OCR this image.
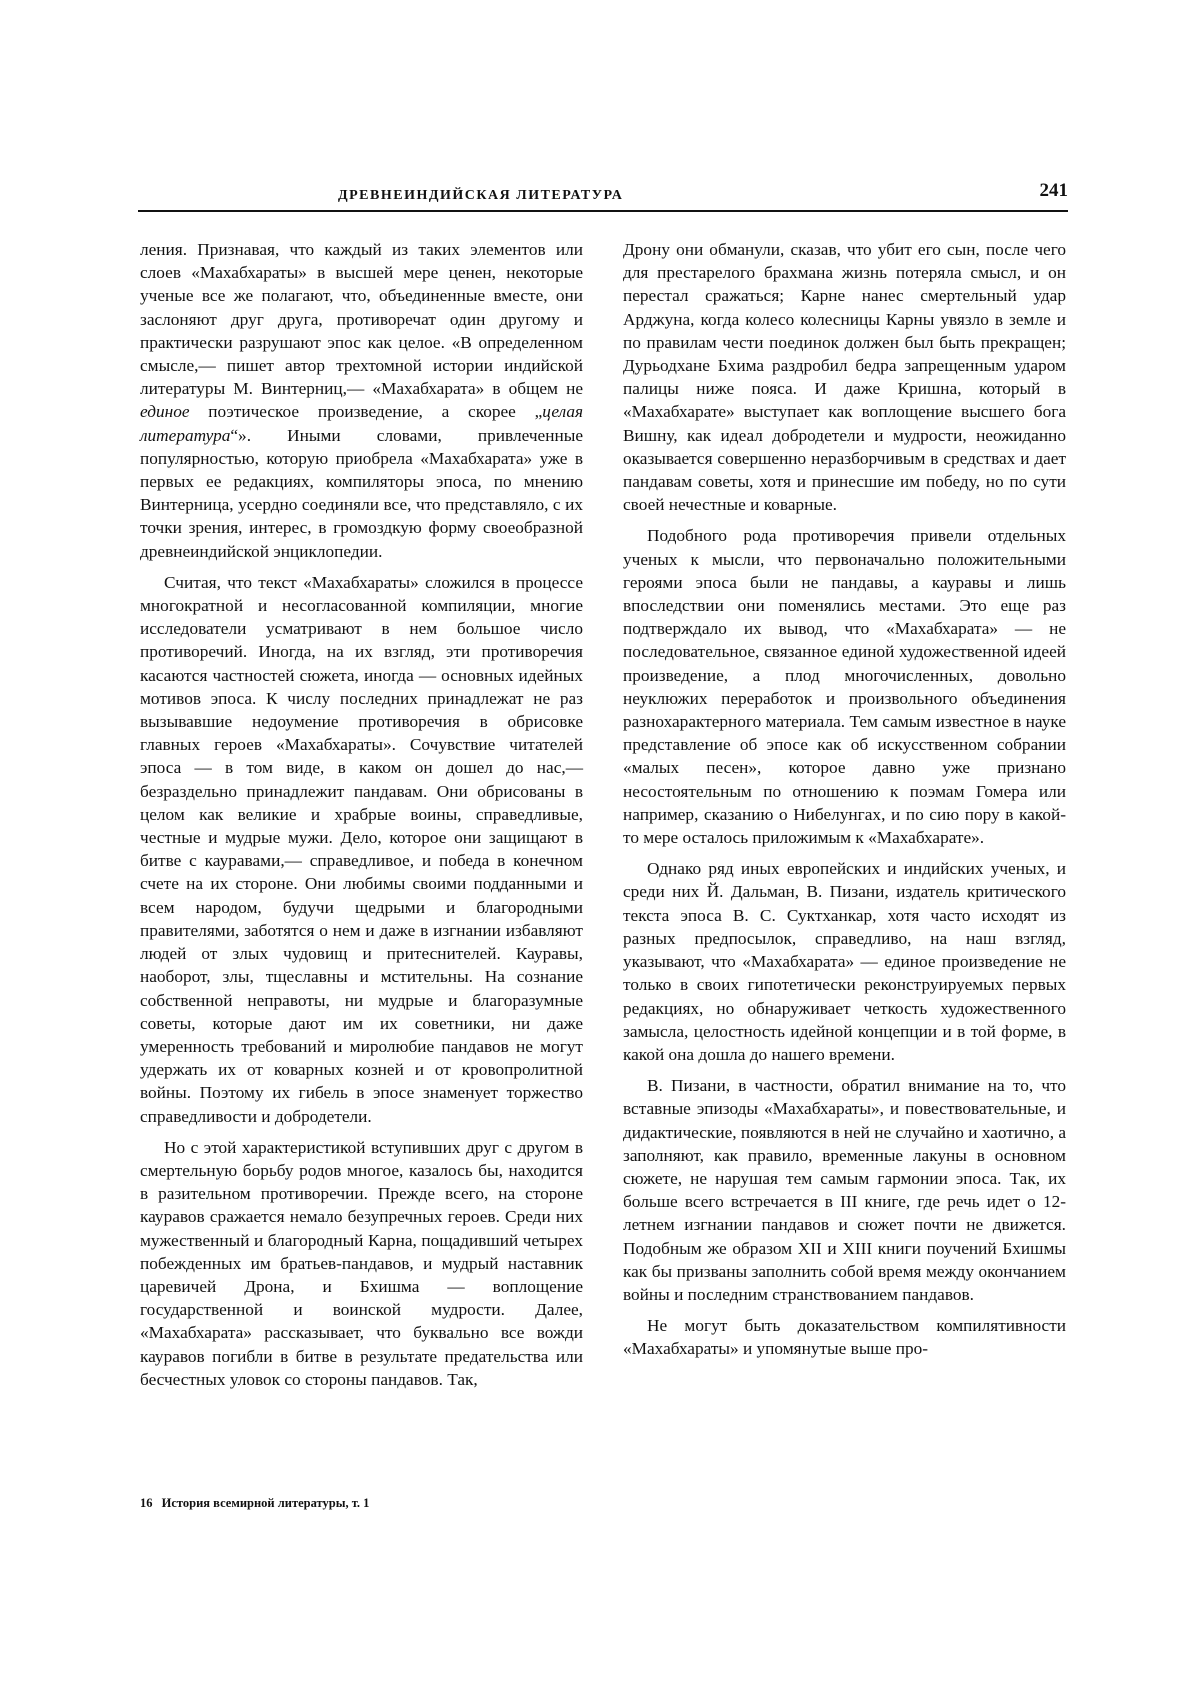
ДРЕВНЕИНДИЙСКАЯ ЛИТЕРАТУРА	241

ления. Признавая, что каждый из таких элементов или слоев «Махабхараты» в высшей мере ценен, некоторые ученые все же полагают, что, объединенные вместе, они заслоняют друг друга, противоречат один другому и практически разрушают эпос как целое. «В определенном смысле,— пишет автор трехтомной истории индийской литературы М. Винтерниц,— «Махабхарата» в общем не единое поэтическое произведение, а скорее „целая литература“». Иными словами, привлеченные популярностью, которую приобрела «Махабхарата» уже в первых ее редакциях, компиляторы эпоса, по мнению Винтерница, усердно соединяли все, что представляло, с их точки зрения, интерес, в громоздкую форму своеобразной древнеиндийской энциклопедии.

Считая, что текст «Махабхараты» сложился в процессе многократной и несогласованной компиляции, многие исследователи усматривают в нем большое число противоречий. Иногда, на их взгляд, эти противоречия касаются частностей сюжета, иногда — основных идейных мотивов эпоса. К числу последних принадлежат не раз вызывавшие недоумение противоречия в обрисовке главных героев «Махабхараты». Сочувствие читателей эпоса — в том виде, в каком он дошел до нас,— безраздельно принадлежит пандавам. Они обрисованы в целом как великие и храбрые воины, справедливые, честные и мудрые мужи. Дело, которое они защищают в битве с кауравами,— справедливое, и победа в конечном счете на их стороне. Они любимы своими подданными и всем народом, будучи щедрыми и благородными правителями, заботятся о нем и даже в изгнании избавляют людей от злых чудовищ и притеснителей. Кауравы, наоборот, злы, тщеславны и мстительны. На сознание собственной неправоты, ни мудрые и благоразумные советы, которые дают им их советники, ни даже умеренность требований и миролюбие пандавов не могут удержать их от коварных козней и от кровопролитной войны. Поэтому их гибель в эпосе знаменует торжество справедливости и добродетели.

Но с этой характеристикой вступивших друг с другом в смертельную борьбу родов многое, казалось бы, находится в разительном противоречии. Прежде всего, на стороне кауравов сражается немало безупречных героев. Среди них мужественный и благородный Карна, пощадивший четырех побежденных им братьев-пандавов, и мудрый наставник царевичей Дрона, и Бхишма — воплощение государственной и воинской мудрости. Далее, «Махабхарата» рассказывает, что буквально все вожди кауравов погибли в битве в результате предательства или бесчестных уловок со стороны пандавов. Так,

Дрону они обманули, сказав, что убит его сын, после чего для престарелого брахмана жизнь потеряла смысл, и он перестал сражаться; Карне нанес смертельный удар Арджуна, когда колесо колесницы Карны увязло в земле и по правилам чести поединок должен был быть прекращен; Дурьодхане Бхима раздробил бедра запрещенным ударом палицы ниже пояса. И даже Кришна, который в «Махабхарате» выступает как воплощение высшего бога Вишну, как идеал добродетели и мудрости, неожиданно оказывается совершенно неразборчивым в средствах и дает пандавам советы, хотя и принесшие им победу, но по сути своей нечестные и коварные.

Подобного рода противоречия привели отдельных ученых к мысли, что первоначально положительными героями эпоса были не пандавы, а кауравы и лишь впоследствии они поменялись местами. Это еще раз подтверждало их вывод, что «Махабхарата» — не последовательное, связанное единой художественной идеей произведение, а плод многочисленных, довольно неуклюжих переработок и произвольного объединения разнохарактерного материала. Тем самым известное в науке представление об эпосе как об искусственном собрании «малых песен», которое давно уже признано несостоятельным по отношению к поэмам Гомера или например, сказанию о Нибелунгах, и по сию пору в какой-то мере осталось приложимым к «Махабхарате».

Однако ряд иных европейских и индийских ученых, и среди них Й. Дальман, В. Пизани, издатель критического текста эпоса В. С. Суктханкар, хотя часто исходят из разных предпосылок, справедливо, на наш взгляд, указывают, что «Махабхарата» — единое произведение не только в своих гипотетически реконструируемых первых редакциях, но обнаруживает четкость художественного замысла, целостность идейной концепции и в той форме, в какой она дошла до нашего времени.

В. Пизани, в частности, обратил внимание на то, что вставные эпизоды «Махабхараты», и повествовательные, и дидактические, появляются в ней не случайно и хаотично, а заполняют, как правило, временные лакуны в основном сюжете, не нарушая тем самым гармонии эпоса. Так, их больше всего встречается в III книге, где речь идет о 12-летнем изгнании пандавов и сюжет почти не движется. Подобным же образом XII и XIII книги поучений Бхишмы как бы призваны заполнить собой время между окончанием войны и последним странствованием пандавов.

Не могут быть доказательством компилятивности «Махабхараты» и упомянутые выше про-

16 История всемирной литературы, т. 1
